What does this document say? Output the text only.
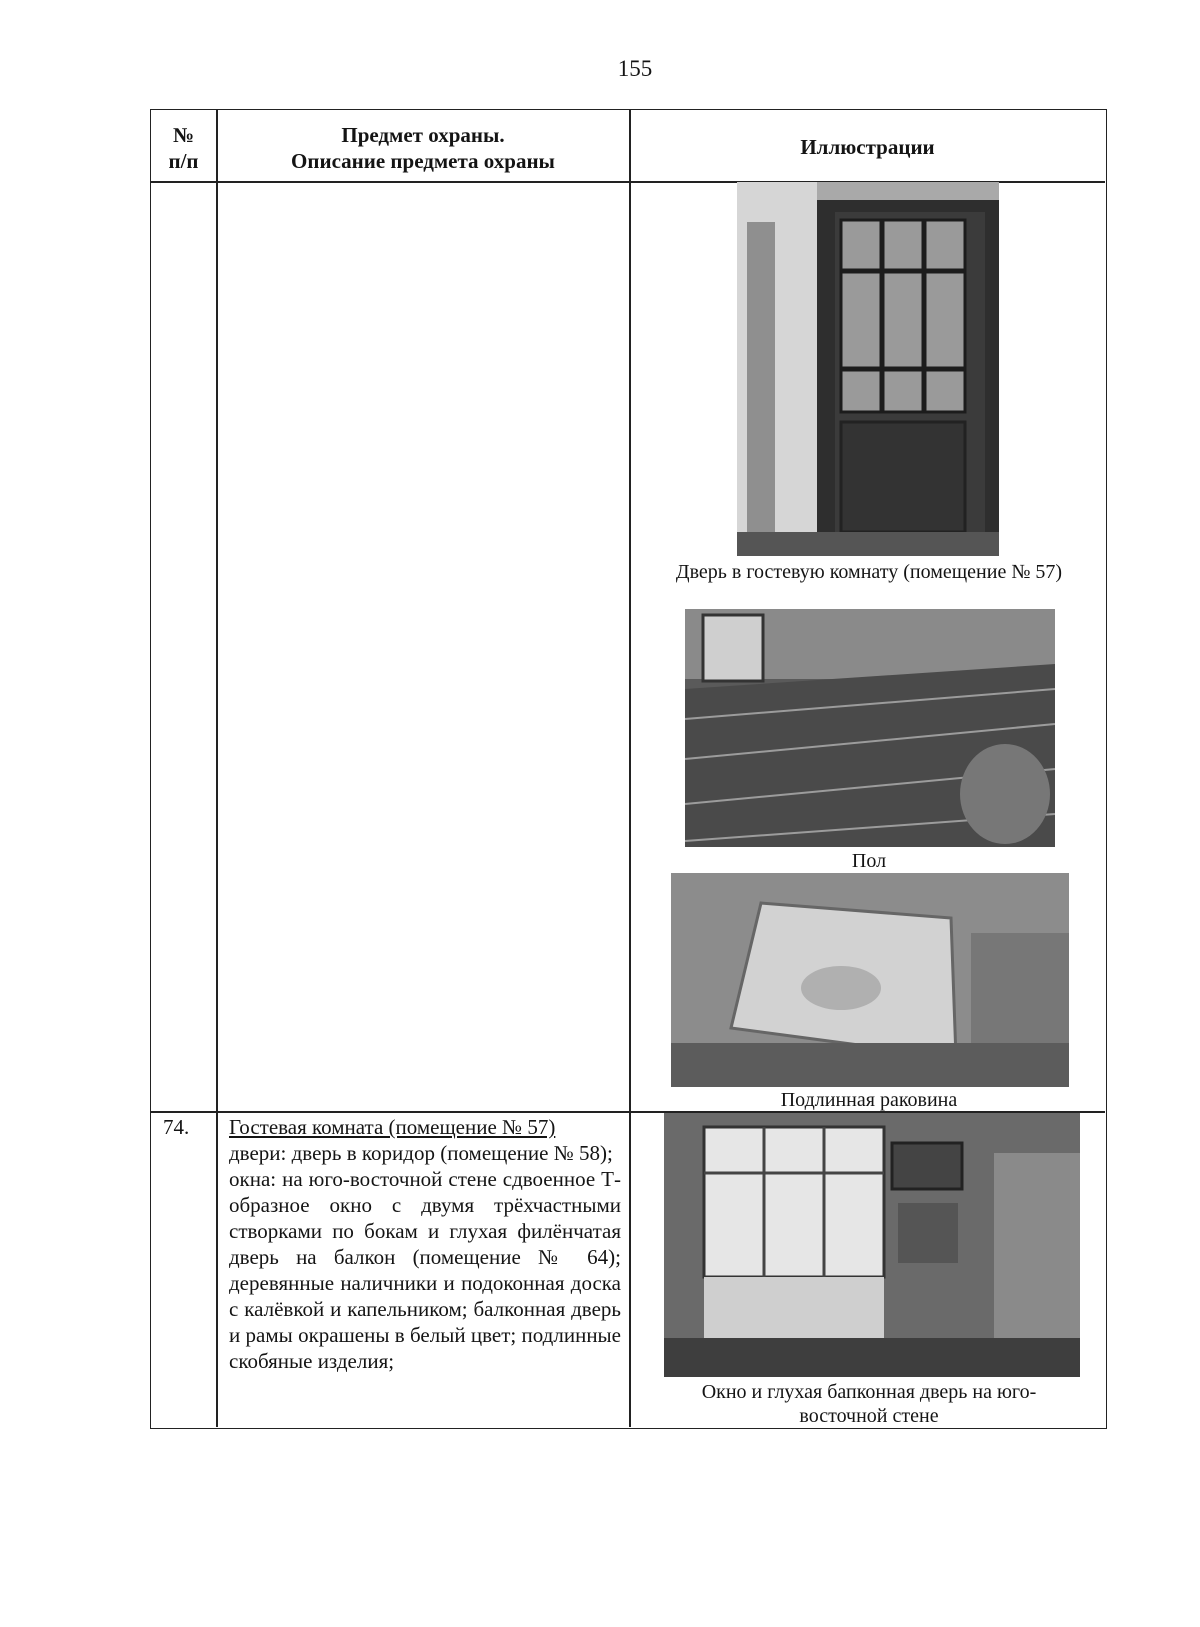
155
№
п/п
Предмет охраны.
Описание предмета охраны
Иллюстрации
Дверь в гостевую комнату (помещение № 57)
Пол
Подлинная раковина
74. Гостевая комната (помещение № 57)

двери: дверь в коридор (помещение № 58);

окна: на юго-восточной стене сдвоенное Т-образное окно с двумя трёхчастными створками по бокам и глухая филёнчатая дверь на балкон (помещение № 64); деревянные наличники и подоконная доска с калёвкой и капельником; балконная дверь и рамы окрашены в белый цвет; подлинные скобяные изделия;

Окно и глухая бапконная дверь на юго-восточной стене
